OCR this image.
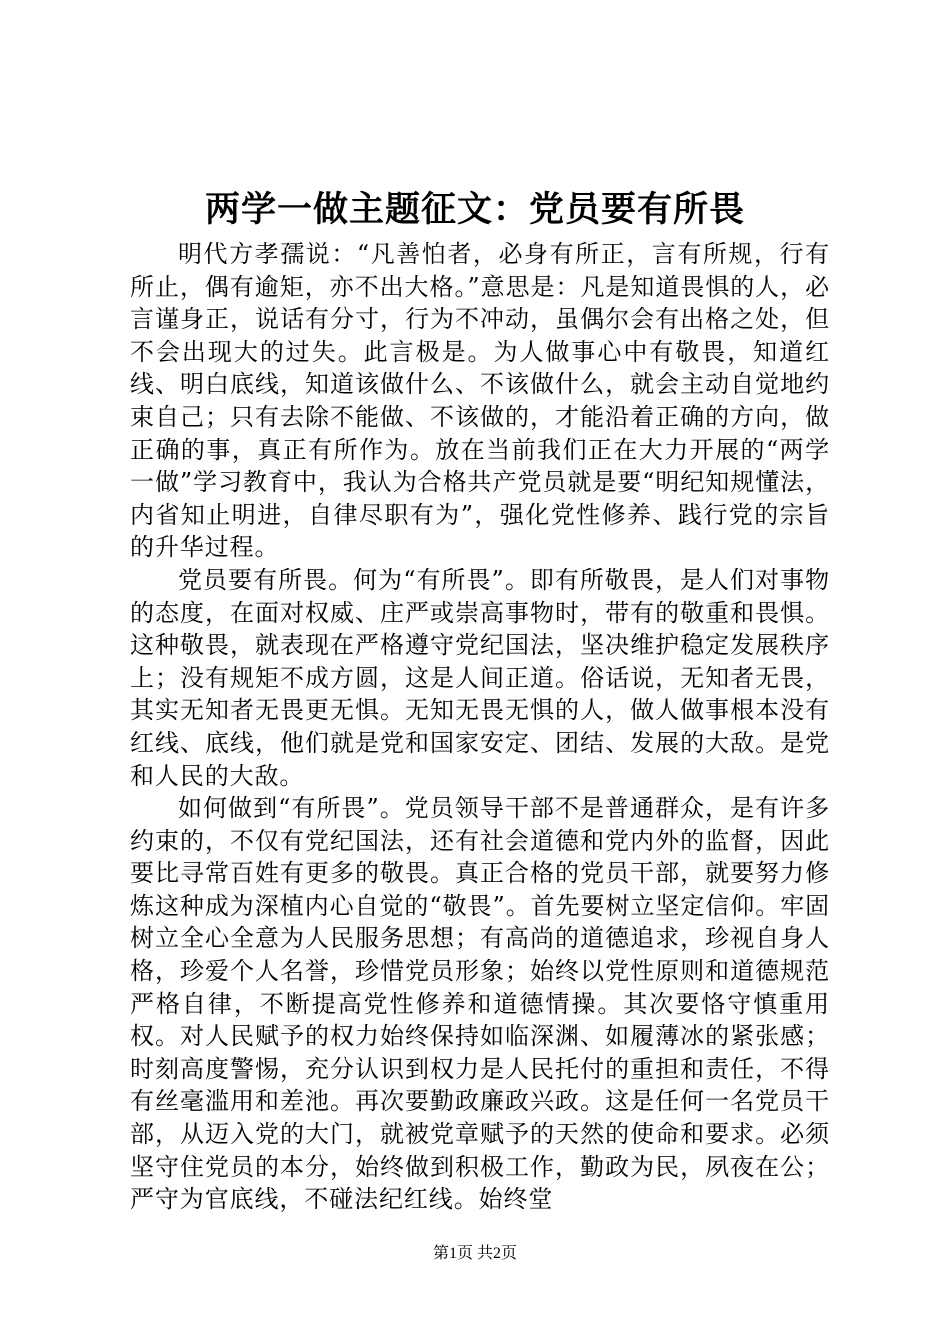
两学一做主题征文：党员要有所畏

明代方孝孺说：“凡善怕者，必身有所正，言有所规，行有所止，偶有逾矩，亦不出大格。”意思是：凡是知道畏惧的人，必言谨身正，说话有分寸，行为不冲动，虽偶尔会有出格之处，但不会出现大的过失。此言极是。为人做事心中有敬畏，知道红线、明白底线，知道该做什么、不该做什么，就会主动自觉地约束自己；只有去除不能做、不该做的，才能沿着正确的方向，做正确的事，真正有所作为。放在当前我们正在大力开展的“两学一做”学习教育中，我认为合格共产党员就是要“明纪知规懂法，内省知止明进，自律尽职有为”，强化党性修养、践行党的宗旨的升华过程。

党员要有所畏。何为“有所畏”。即有所敬畏，是人们对事物的态度，在面对权威、庄严或崇高事物时，带有的敬重和畏惧。这种敬畏，就表现在严格遵守党纪国法，坚决维护稳定发展秩序上；没有规矩不成方圆，这是人间正道。俗话说，无知者无畏，其实无知者无畏更无惧。无知无畏无惧的人，做人做事根本没有红线、底线，他们就是党和国家安定、团结、发展的大敌。是党和人民的大敌。

如何做到“有所畏”。党员领导干部不是普通群众，是有许多约束的，不仅有党纪国法，还有社会道德和党内外的监督，因此要比寻常百姓有更多的敬畏。真正合格的党员干部，就要努力修炼这种成为深植内心自觉的“敬畏”。首先要树立坚定信仰。牢固树立全心全意为人民服务思想；有高尚的道德追求，珍视自身人格，珍爱个人名誉，珍惜党员形象；始终以党性原则和道德规范严格自律，不断提高党性修养和道德情操。其次要恪守慎重用权。对人民赋予的权力始终保持如临深渊、如履薄冰的紧张感；时刻高度警惕，充分认识到权力是人民托付的重担和责任，不得有丝毫滥用和差池。再次要勤政廉政兴政。这是任何一名党员干部，从迈入党的大门，就被党章赋予的天然的使命和要求。必须坚守住党员的本分，始终做到积极工作，勤政为民，夙夜在公；严守为官底线，不碰法纪红线。始终堂

第1页 共2页
